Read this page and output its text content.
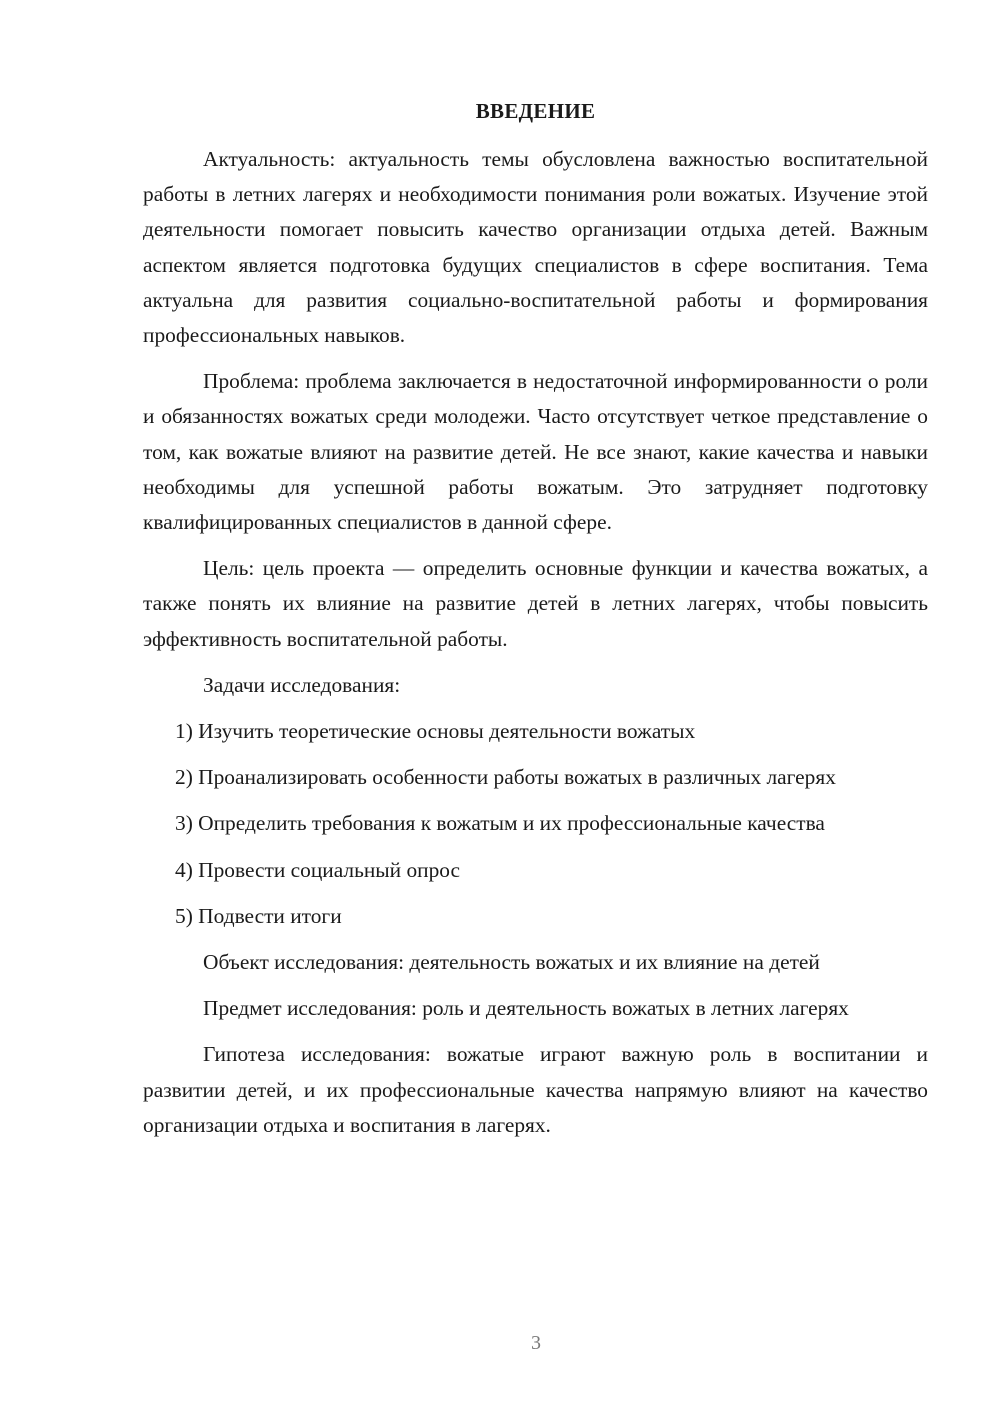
ВВЕДЕНИЕ

Актуальность: актуальность темы обусловлена важностью воспитательной работы в летних лагерях и необходимости понимания роли вожатых. Изучение этой деятельности помогает повысить качество организации отдыха детей. Важным аспектом является подготовка будущих специалистов в сфере воспитания. Тема актуальна для развития социально-воспитательной работы и формирования профессиональных навыков.

Проблема: проблема заключается в недостаточной информированности о роли и обязанностях вожатых среди молодежи. Часто отсутствует четкое представление о том, как вожатые влияют на развитие детей. Не все знают, какие качества и навыки необходимы для успешной работы вожатым. Это затрудняет подготовку квалифицированных специалистов в данной сфере.

Цель: цель проекта — определить основные функции и качества вожатых, а также понять их влияние на развитие детей в летних лагерях, чтобы повысить эффективность воспитательной работы.

Задачи исследования:

1) Изучить теоретические основы деятельности вожатых

2) Проанализировать особенности работы вожатых в различных лагерях

3) Определить требования к вожатым и их профессиональные качества

4) Провести социальный опрос

5) Подвести итоги

Объект исследования: деятельность вожатых и их влияние на детей

Предмет исследования: роль и деятельность вожатых в летних лагерях

Гипотеза исследования: вожатые играют важную роль в воспитании и развитии детей, и их профессиональные качества напрямую влияют на качество организации отдыха и воспитания в лагерях.

3
